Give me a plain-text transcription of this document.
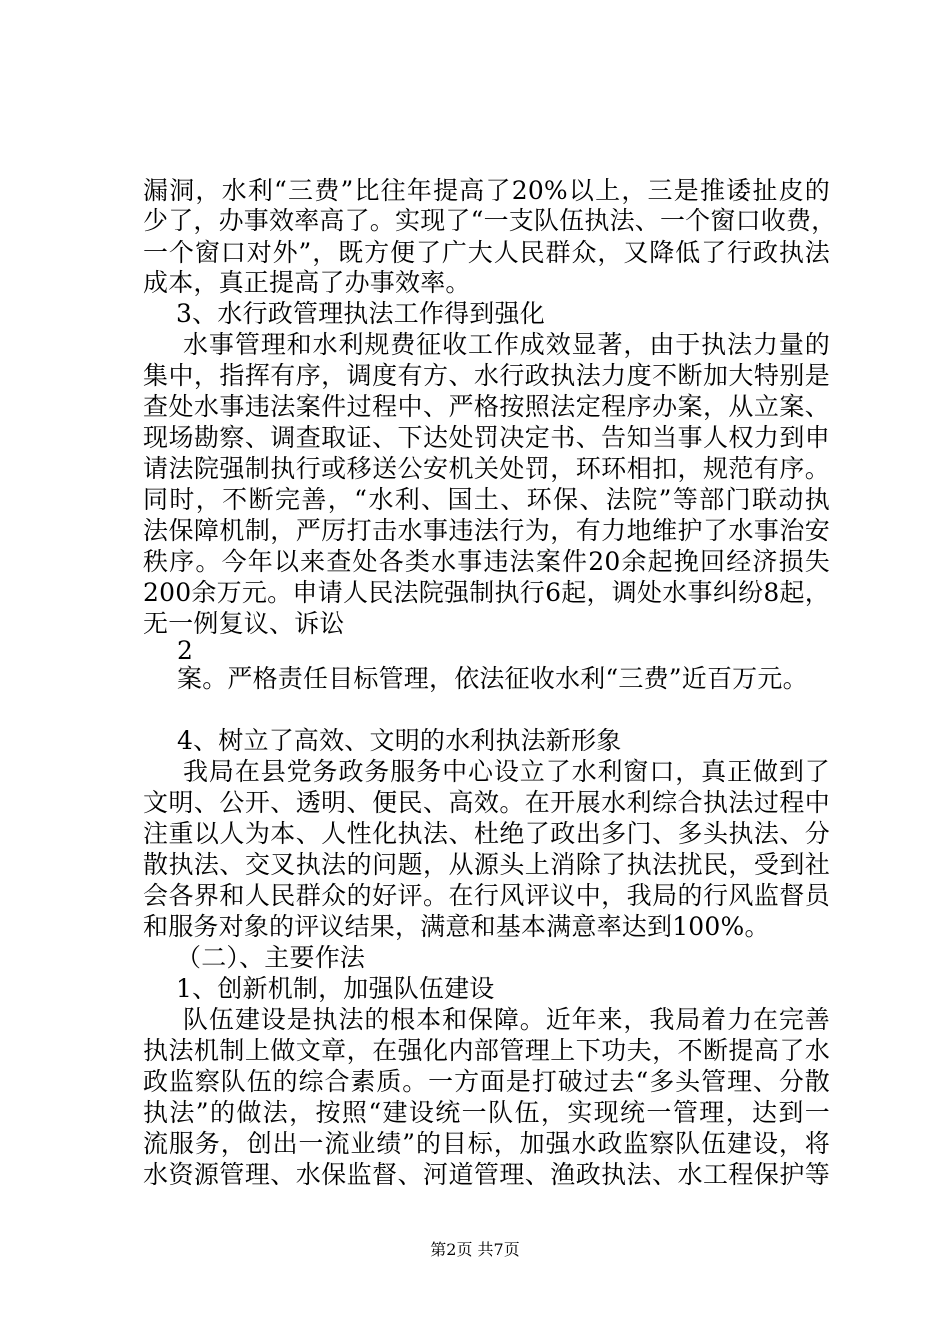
漏洞，水利“三费”比往年提高了20%以上，三是推诿扯皮的
少了，办事效率高了。实现了“一支队伍执法、一个窗口收费，
一个窗口对外”，既方便了广大人民群众，又降低了行政执法
成本，真正提高了办事效率。
3、水行政管理执法工作得到强化
水事管理和水利规费征收工作成效显著，由于执法力量的
集中，指挥有序，调度有方、水行政执法力度不断加大特别是
查处水事违法案件过程中、严格按照法定程序办案，从立案、
现场勘察、调查取证、下达处罚决定书、告知当事人权力到申
请法院强制执行或移送公安机关处罚，环环相扣，规范有序。
同时，不断完善，“水利、国土、环保、法院”等部门联动执
法保障机制，严厉打击水事违法行为，有力地维护了水事治安
秩序。今年以来查处各类水事违法案件20余起挽回经济损失
200余万元。申请人民法院强制执行6起，调处水事纠纷8起，
无一例复议、诉讼
2
案。严格责任目标管理，依法征收水利“三费”近百万元。
4、树立了高效、文明的水利执法新形象
我局在县党务政务服务中心设立了水利窗口，真正做到了
文明、公开、透明、便民、高效。在开展水利综合执法过程中
注重以人为本、人性化执法、杜绝了政出多门、多头执法、分
散执法、交叉执法的问题，从源头上消除了执法扰民，受到社
会各界和人民群众的好评。在行风评议中，我局的行风监督员
和服务对象的评议结果，满意和基本满意率达到100%。
（二）、主要作法
1、创新机制，加强队伍建设
队伍建设是执法的根本和保障。近年来，我局着力在完善
执法机制上做文章，在强化内部管理上下功夫，不断提高了水
政监察队伍的综合素质。一方面是打破过去“多头管理、分散
执法”的做法，按照“建设统一队伍，实现统一管理，达到一
流服务，创出一流业绩”的目标，加强水政监察队伍建设，将
水资源管理、水保监督、河道管理、渔政执法、水工程保护等
第2页 共7页
